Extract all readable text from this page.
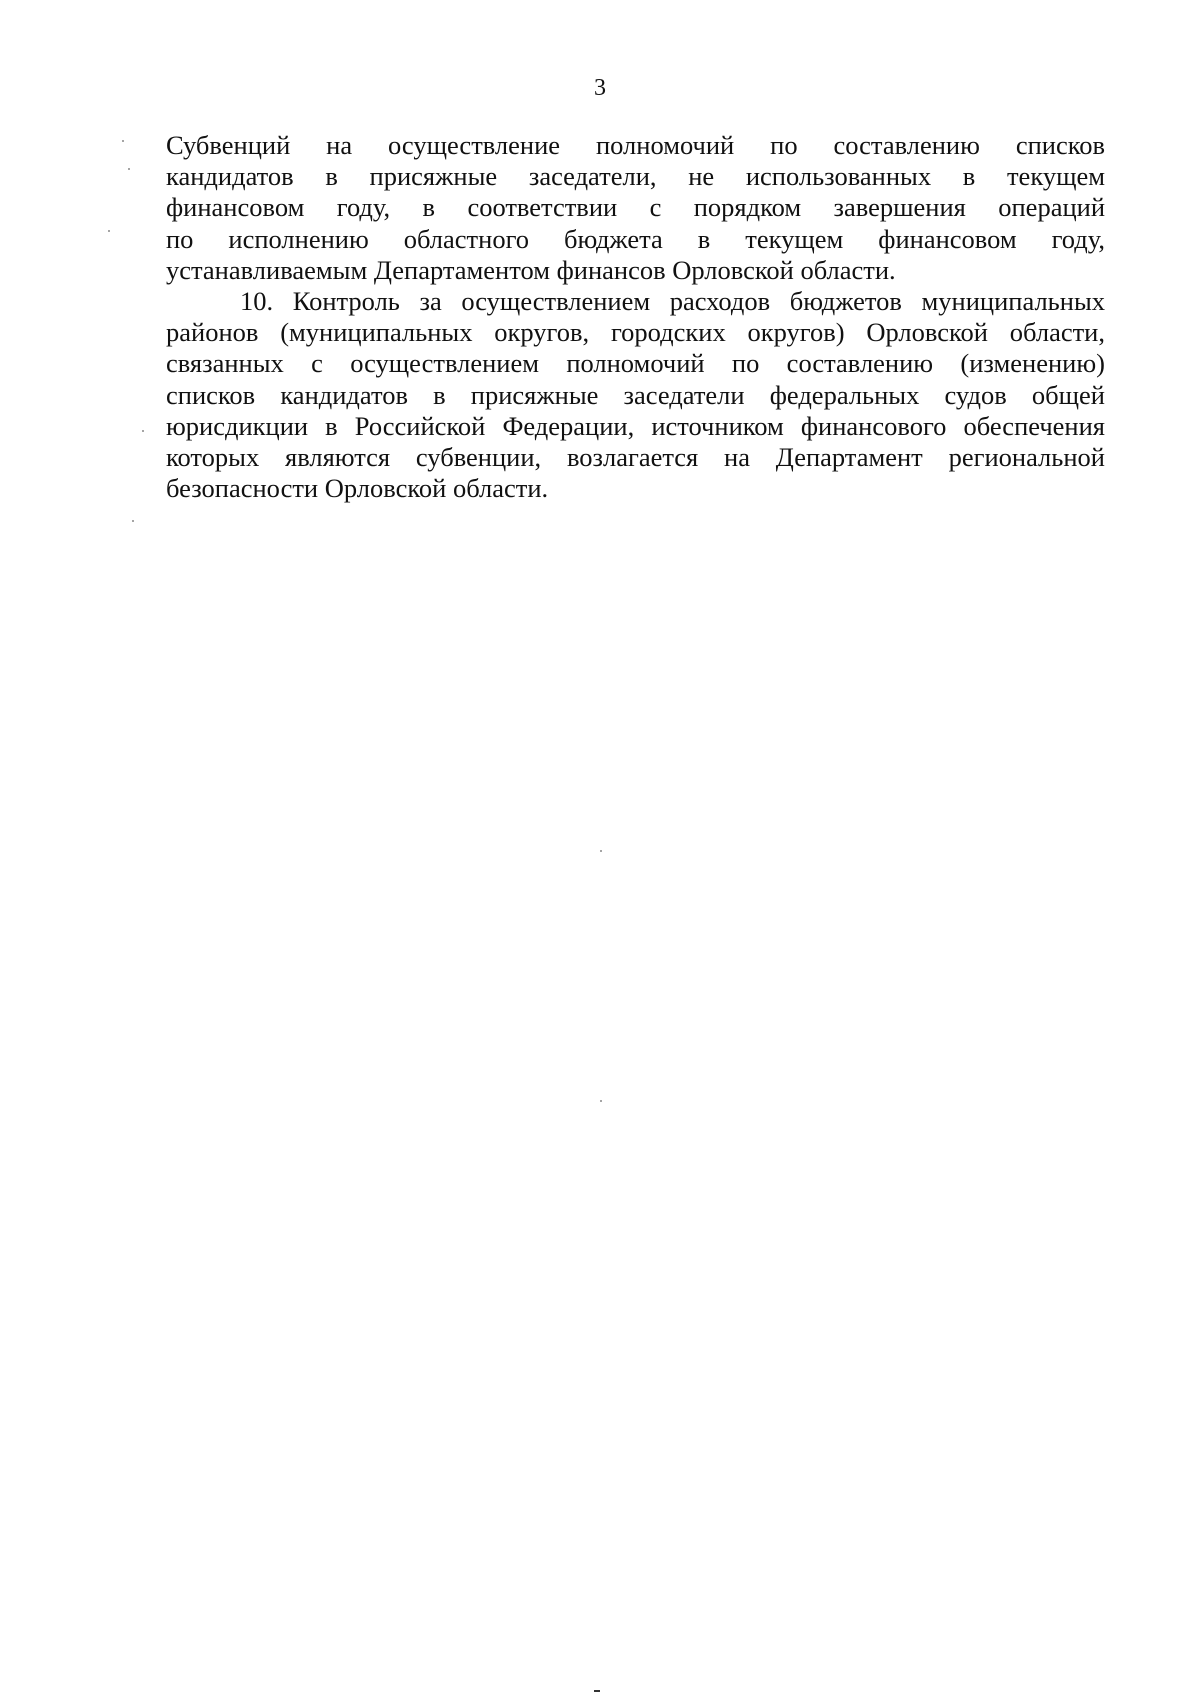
3

Субвенций на осуществление полномочий по составлению списков
кандидатов в присяжные заседатели, не использованных в текущем
финансовом году, в соответствии с порядком завершения операций
по исполнению областного бюджета в текущем финансовом году,
устанавливаемым Департаментом финансов Орловской области.

10. Контроль за осуществлением расходов бюджетов муниципальных
районов (муниципальных округов, городских округов) Орловской области,
связанных с осуществлением полномочий по составлению (изменению)
списков кандидатов в присяжные заседатели федеральных судов общей
юрисдикции в Российской Федерации, источником финансового обеспечения
которых являются субвенции, возлагается на Департамент региональной
безопасности Орловской области.
